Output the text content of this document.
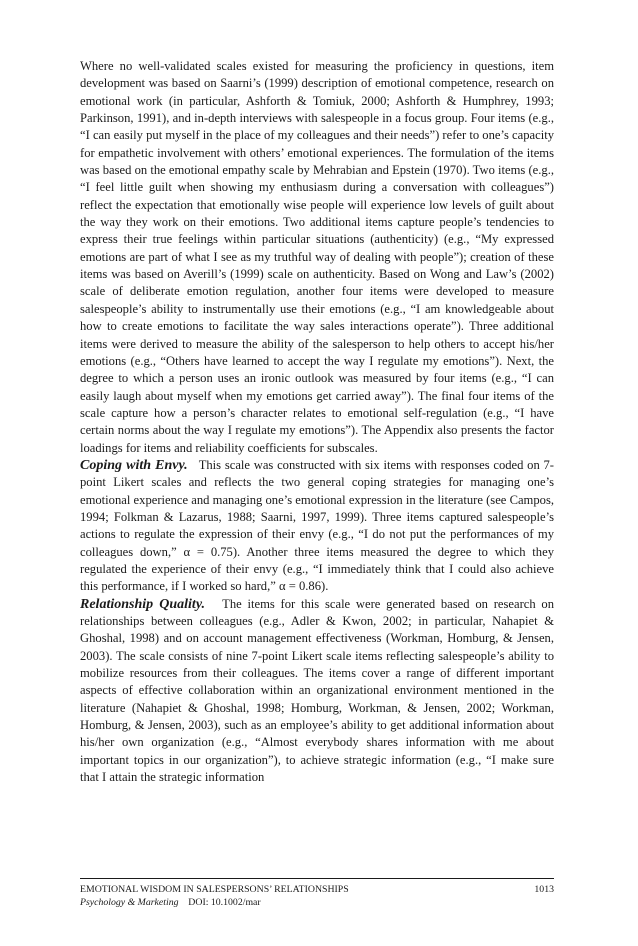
Where no well-validated scales existed for measuring the proficiency in questions, item development was based on Saarni’s (1999) description of emotional competence, research on emotional work (in particular, Ashforth & Tomiuk, 2000; Ashforth & Humphrey, 1993; Parkinson, 1991), and in-depth interviews with salespeople in a focus group. Four items (e.g., “I can easily put myself in the place of my colleagues and their needs”) refer to one’s capacity for empathetic involvement with others’ emotional experiences. The formulation of the items was based on the emotional empathy scale by Mehrabian and Epstein (1970). Two items (e.g., “I feel little guilt when showing my enthusiasm during a conversation with colleagues”) reflect the expectation that emotionally wise people will experience low levels of guilt about the way they work on their emotions. Two additional items capture people’s tendencies to express their true feelings within particular situations (authenticity) (e.g., “My expressed emotions are part of what I see as my truthful way of dealing with people”); creation of these items was based on Averill’s (1999) scale on authenticity. Based on Wong and Law’s (2002) scale of deliberate emotion regulation, another four items were developed to measure salespeople’s ability to instrumentally use their emotions (e.g., “I am knowledgeable about how to create emotions to facilitate the way sales interactions operate”). Three additional items were derived to measure the ability of the salesperson to help others to accept his/her emotions (e.g., “Others have learned to accept the way I regulate my emotions”). Next, the degree to which a person uses an ironic outlook was measured by four items (e.g., “I can easily laugh about myself when my emotions get carried away”). The final four items of the scale capture how a person’s character relates to emotional self-regulation (e.g., “I have certain norms about the way I regulate my emotions”). The Appendix also presents the factor loadings for items and reliability coefficients for subscales.

Coping with Envy. This scale was constructed with six items with responses coded on 7-point Likert scales and reflects the two general coping strategies for managing one’s emotional experience and managing one’s emotional expression in the literature (see Campos, 1994; Folkman & Lazarus, 1988; Saarni, 1997, 1999). Three items captured salespeople’s actions to regulate the expression of their envy (e.g., “I do not put the performances of my colleagues down,” α = 0.75). Another three items measured the degree to which they regulated the experience of their envy (e.g., “I immediately think that I could also achieve this performance, if I worked so hard,” α = 0.86).

Relationship Quality. The items for this scale were generated based on research on relationships between colleagues (e.g., Adler & Kwon, 2002; in particular, Nahapiet & Ghoshal, 1998) and on account management effectiveness (Workman, Homburg, & Jensen, 2003). The scale consists of nine 7-point Likert scale items reflecting salespeople’s ability to mobilize resources from their colleagues. The items cover a range of different important aspects of effective collaboration within an organizational environment mentioned in the literature (Nahapiet & Ghoshal, 1998; Homburg, Workman, & Jensen, 2002; Workman, Homburg, & Jensen, 2003), such as an employee’s ability to get additional information about his/her own organization (e.g., “Almost everybody shares information with me about important topics in our organization”), to achieve strategic information (e.g., “I make sure that I attain the strategic information

EMOTIONAL WISDOM IN SALESPERSONS’ RELATIONSHIPS	1013
Psychology & Marketing DOI: 10.1002/mar
